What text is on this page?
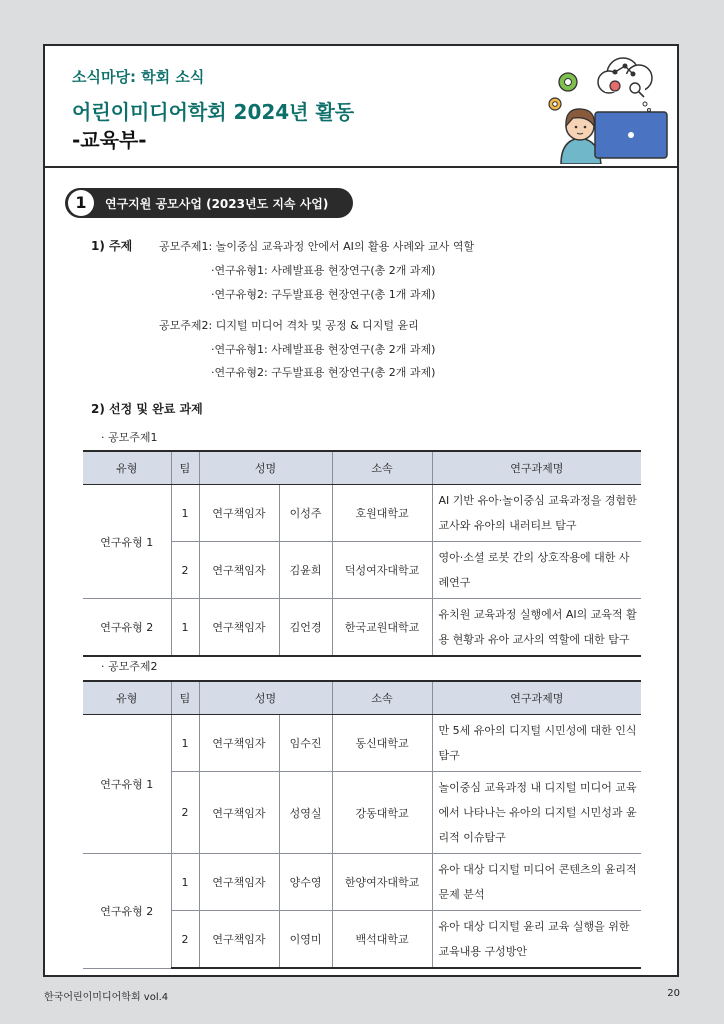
소식마당: 학회 소식
어린이미디어학회 2024년 활동
-교육부-
1	연구지원 공모사업 (2023년도 지속 사업)
1) 주제 공모주제1: 놀이중심 교육과정 안에서 AI의 활용 사례와 교사 역할
·연구유형1: 사례발표용 현장연구(총 2개 과제)
·연구유형2: 구두발표용 현장연구(총 1개 과제)
공모주제2: 디지털 미디어 격차 및 공정 & 디지털 윤리
·연구유형1: 사례발표용 현장연구(총 2개 과제)
·연구유형2: 구두발표용 현장연구(총 2개 과제)
2) 선정 및 완료 과제
· 공모주제1
유형	팀	성명		소속	연구과제명
연구유형 1	1	연구책임자	이성주	호원대학교	AI 기반 유아·놀이중심 교육과정을 경험한 교사와 유아의 내러티브 탐구
	2	연구책임자	김윤희	덕성여자대학교	영아·소셜 로봇 간의 상호작용에 대한 사례연구
연구유형 2	1	연구책임자	김언경	한국교원대학교	유치원 교육과정 실행에서 AI의 교육적 활용 현황과 유아 교사의 역할에 대한 탐구
· 공모주제2
유형	팀	성명		소속	연구과제명
연구유형 1	1	연구책임자	임수진	동신대학교	만 5세 유아의 디지털 시민성에 대한 인식 탐구
	2	연구책임자	성영실	강동대학교	놀이중심 교육과정 내 디지털 미디어 교육에서 나타나는 유아의 디지털 시민성과 윤리적 이슈탐구
연구유형 2	1	연구책임자	양수영	한양여자대학교	유아 대상 디지털 미디어 콘텐츠의 윤리적 문제 분석
	2	연구책임자	이영미	백석대학교	유아 대상 디지털 윤리 교육 실행을 위한 교육내용 구성방안
한국어린이미디어학회 vol.4	20
